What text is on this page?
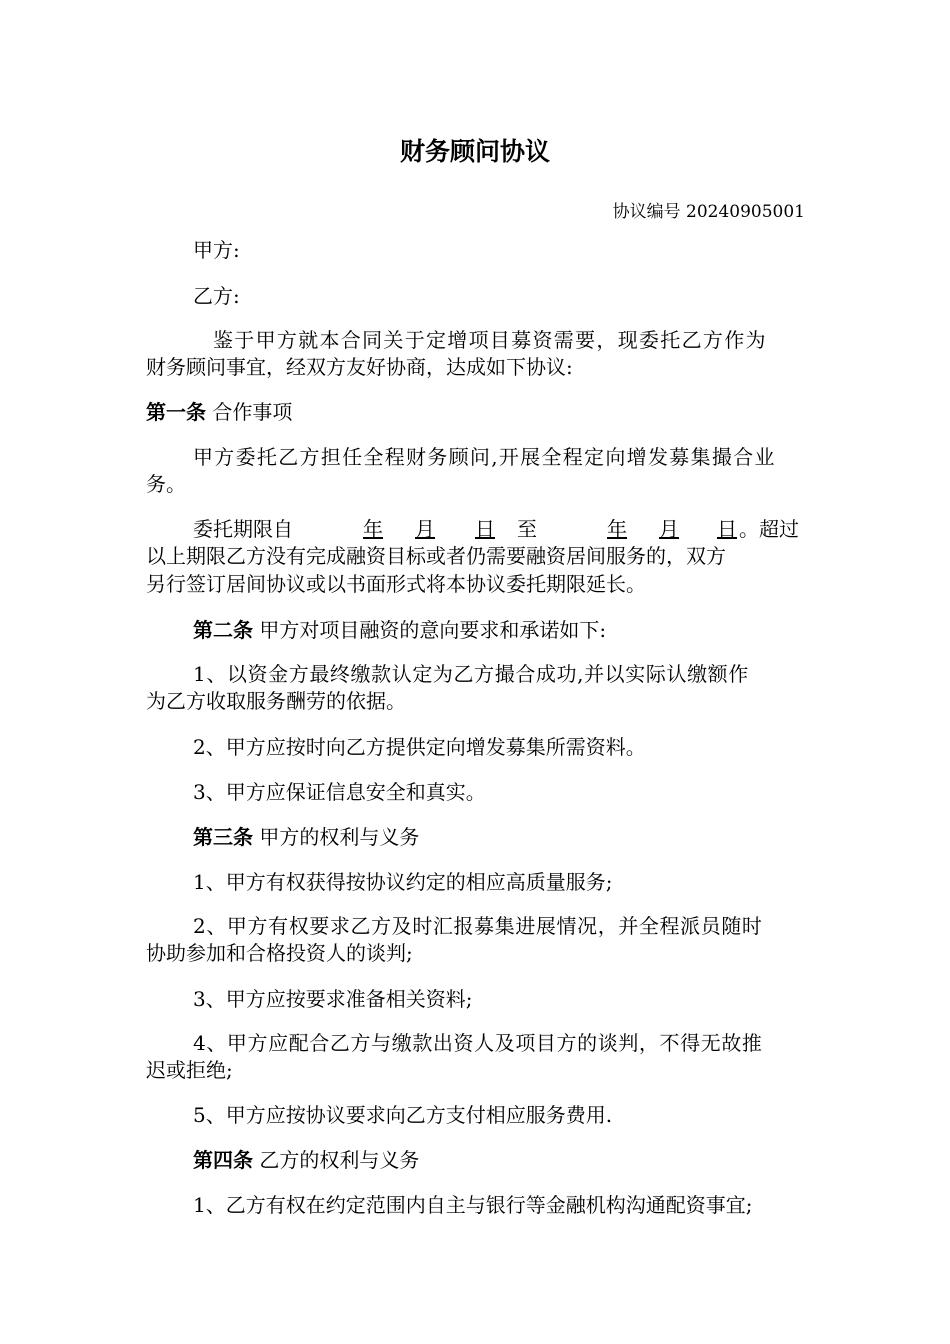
财务顾问协议
协议编号 20240905001
甲方:
乙方:
鉴于甲方就本合同关于定增项目募资需要，现委托乙方作为
财务顾问事宜，经双方友好协商，达成如下协议:
第一条 合作事项
甲方委托乙方担任全程财务顾问,开展全程定向增发募集撮合业
务。
委托期限自	年 月 日 至	年 月 日 。超过
以上期限乙方没有完成融资目标或者仍需要融资居间服务的，双方
另行签订居间协议或以书面形式将本协议委托期限延长。
第二条 甲方对项目融资的意向要求和承诺如下:
1、以资金方最终缴款认定为乙方撮合成功,并以实际认缴额作
为乙方收取服务酬劳的依据。
2、甲方应按时向乙方提供定向增发募集所需资料。
3、甲方应保证信息安全和真实。
第三条 甲方的权利与义务
1、甲方有权获得按协议约定的相应高质量服务;
2、甲方有权要求乙方及时汇报募集进展情况，并全程派员随时
协助参加和合格投资人的谈判;
3、甲方应按要求准备相关资料;
4、甲方应配合乙方与缴款出资人及项目方的谈判，不得无故推
迟或拒绝;
5、甲方应按协议要求向乙方支付相应服务费用.
第四条 乙方的权利与义务
1、乙方有权在约定范围内自主与银行等金融机构沟通配资事宜;
